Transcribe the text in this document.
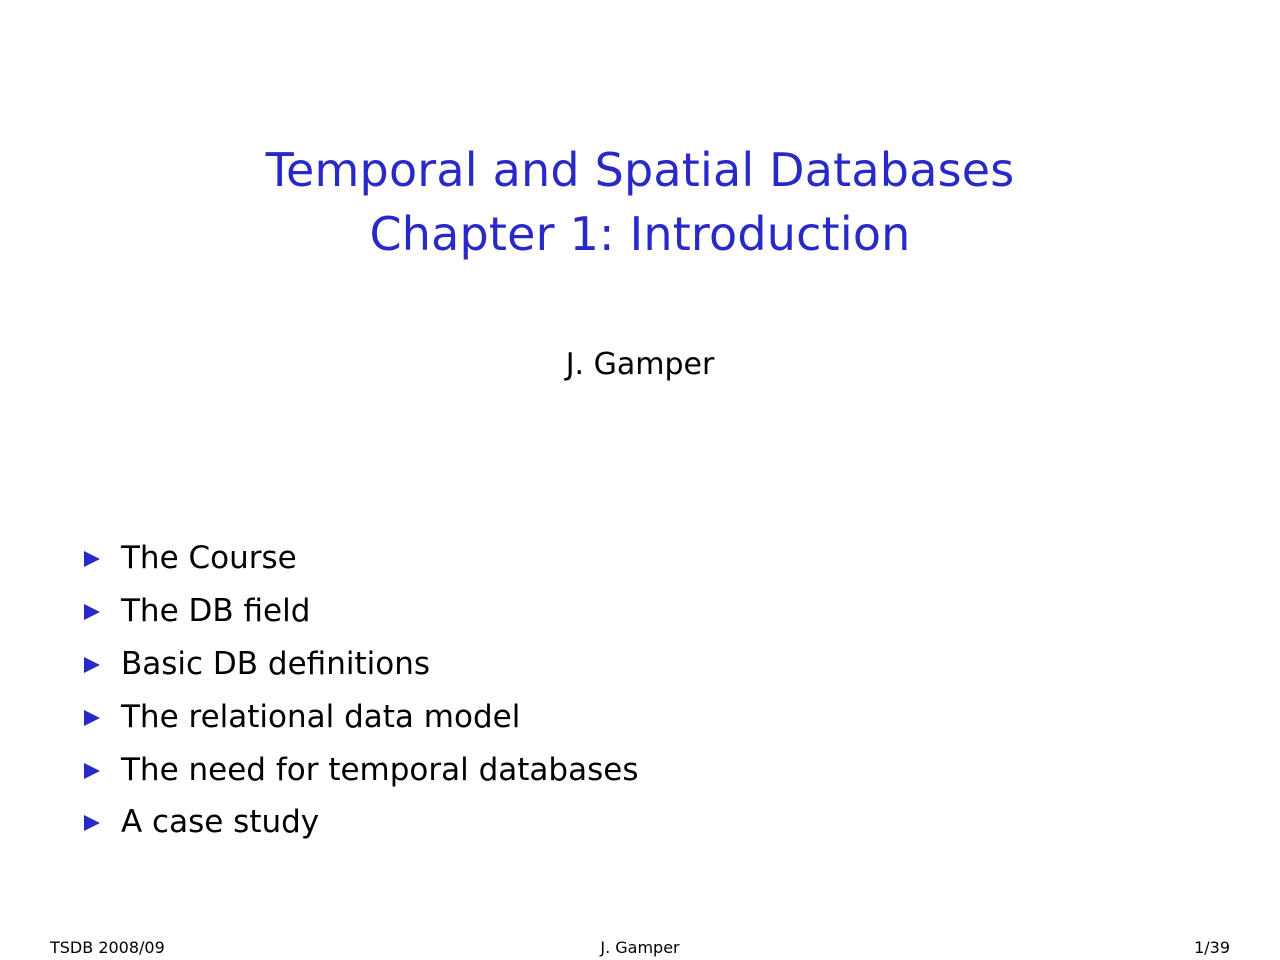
Temporal and Spatial Databases
Chapter 1: Introduction
J. Gamper
The Course
The DB field
Basic DB definitions
The relational data model
The need for temporal databases
A case study
TSDB 2008/09	J. Gamper	1/39
